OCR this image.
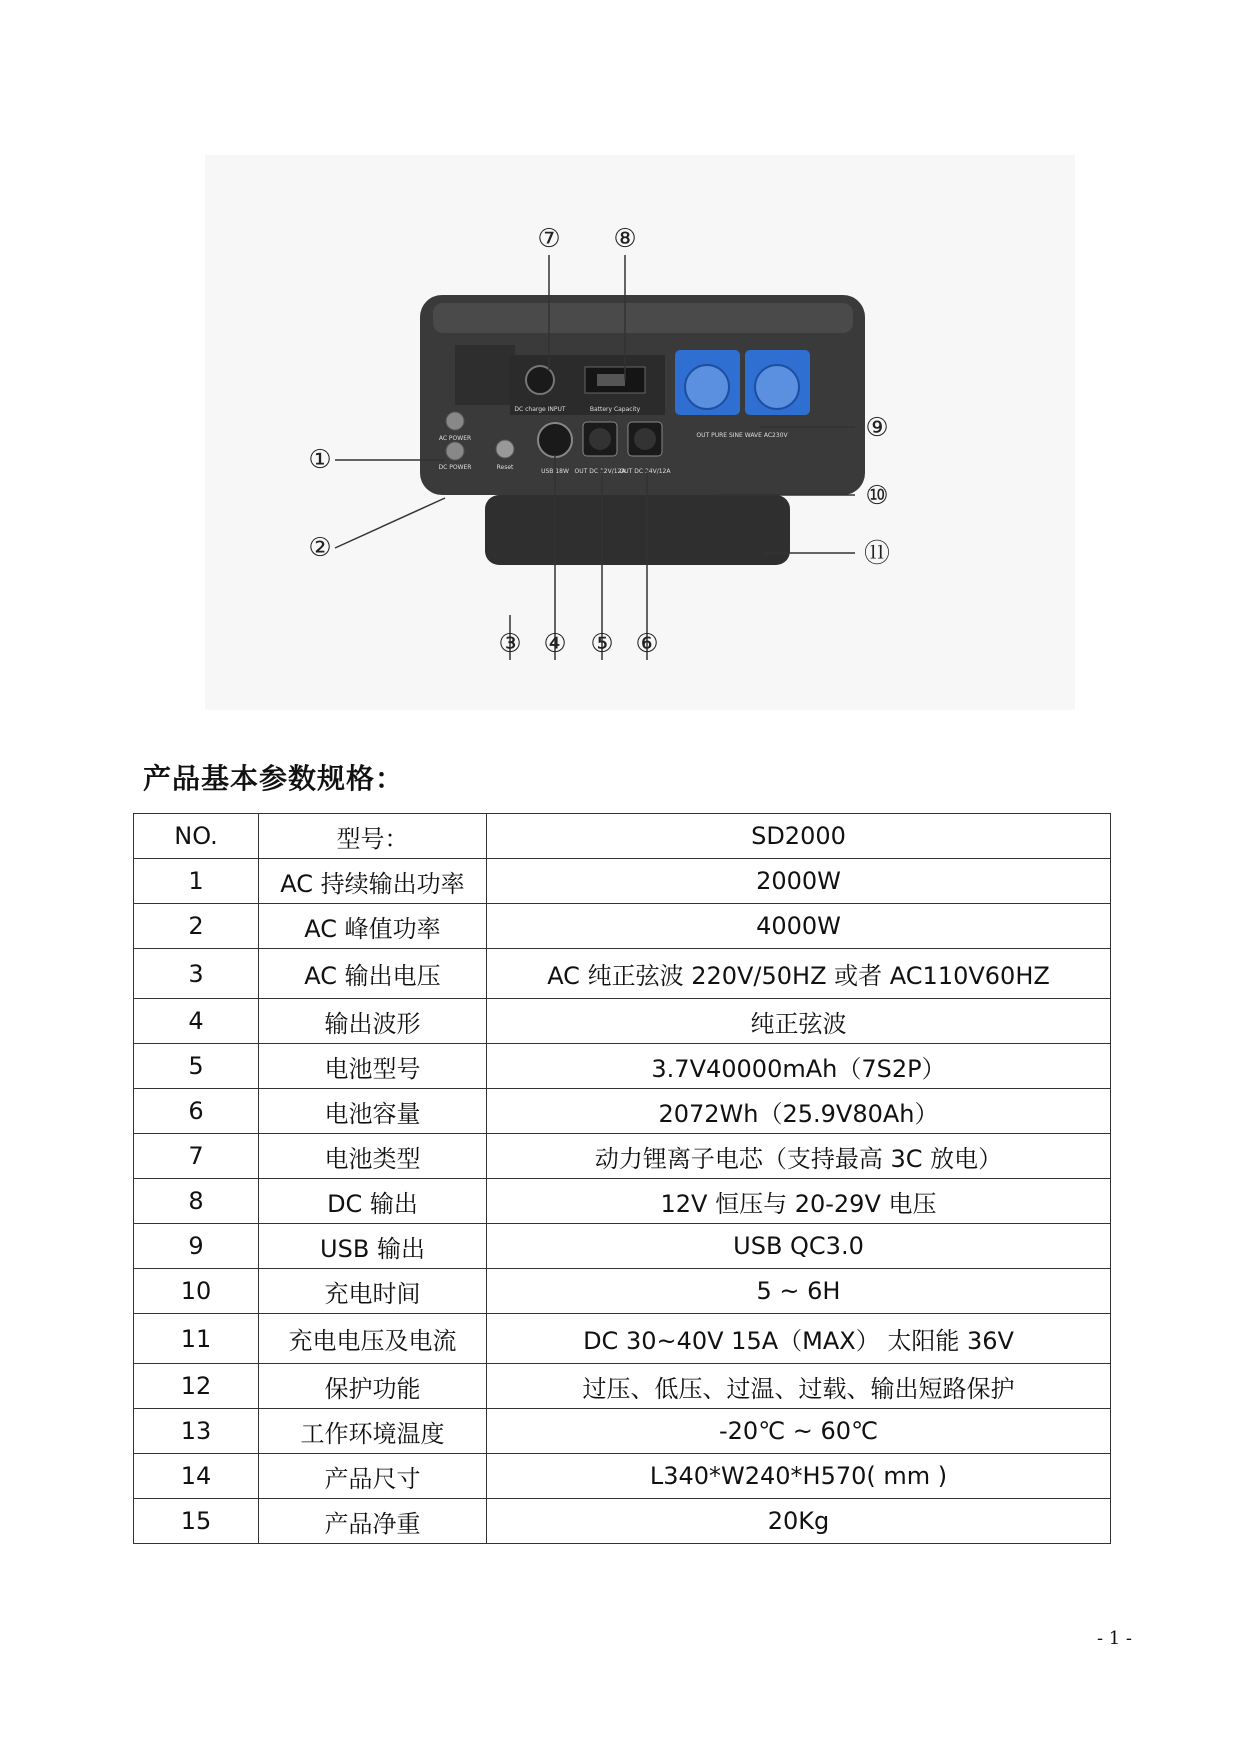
DC charge INPUT	Battery Capacity
OUT PURE SINE WAVE AC230V
AC POWER
DC POWER	Reset
USB 18W OUT DC 12V/12A
OUT DC 24V/12A
⑦ ⑧
①
②
⑨
⑩
⑪
③ ④ ⑤ ⑥
产品基本参数规格：
NO.	型号：	SD2000
1	AC 持续输出功率	2000W
2	AC 峰值功率	4000W
3	AC 输出电压	AC 纯正弦波 220V/50HZ 或者 AC110V60HZ
4	输出波形	纯正弦波
5	电池型号	3.7V40000mAh（7S2P）
6	电池容量	2072Wh（25.9V80Ah）
7	电池类型	动力锂离子电芯（支持最高 3C 放电）
8	DC 输出	12V 恒压与 20-29V 电压
9	USB 输出	USB QC3.0
10	充电时间	5 ~ 6H
11	充电电压及电流	DC 30~40V 15A（MAX） 太阳能 36V
12	保护功能	过压、低压、过温、过载、输出短路保护
13	工作环境温度	-20℃ ~ 60℃
14	产品尺寸	L340*W240*H570( mm )
15	产品净重	20Kg
- 1 -
